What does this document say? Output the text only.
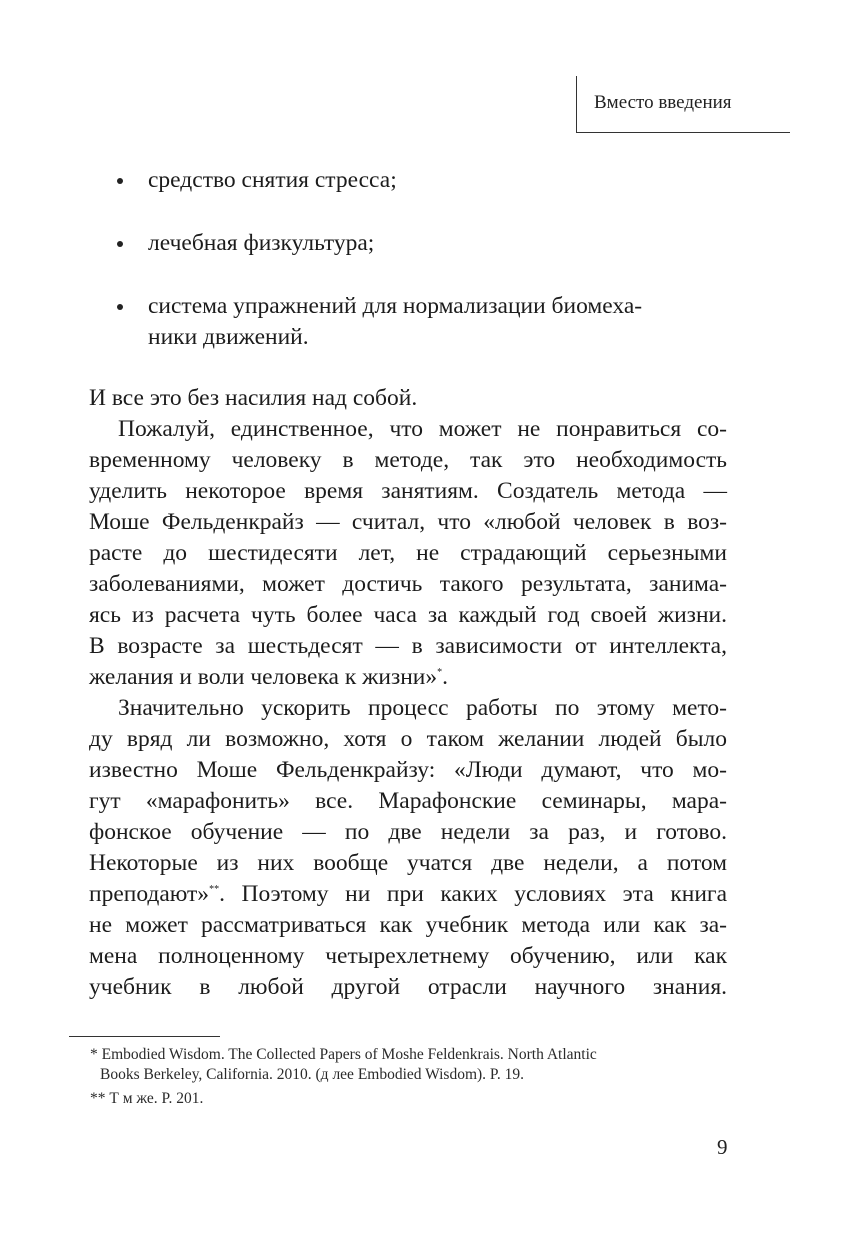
Вместо введения
средство снятия стресса;
лечебная физкультура;
система упражнений для нормализации биомеха-
ники движений.
И все это без насилия над собой.
Пожалуй, единственное, что может не понравиться со-
временному человеку в методе, так это необходимость
уделить некоторое время занятиям. Создатель метода —
Моше Фельденкрайз — считал, что «любой человек в воз-
расте до шестидесяти лет, не страдающий серьезными
заболеваниями, может достичь такого результата, занима-
ясь из расчета чуть более часа за каждый год своей жизни.
В возрасте за шестьдесят — в зависимости от интеллекта,
желания и воли человека к жизни»*.
Значительно ускорить процесс работы по этому мето-
ду вряд ли возможно, хотя о таком желании людей было
известно Моше Фельденкрайзу: «Люди думают, что мо-
гут «марафонить» все. Марафонские семинары, мара-
фонское обучение — по две недели за раз, и готово.
Некоторые из них вообще учатся две недели, а потом
преподают»**. Поэтому ни при каких условиях эта книга
не может рассматриваться как учебник метода или как за-
мена полноценному четырехлетнему обучению, или как
учебник в любой другой отрасли научного знания.
* Embodied Wisdom. The Collected Papers of Moshe Feldenkrais. North Atlantic
Books Berkeley, California. 2010. (д лее Embodied Wisdom). P. 19.
** Т м же. P. 201.
9
